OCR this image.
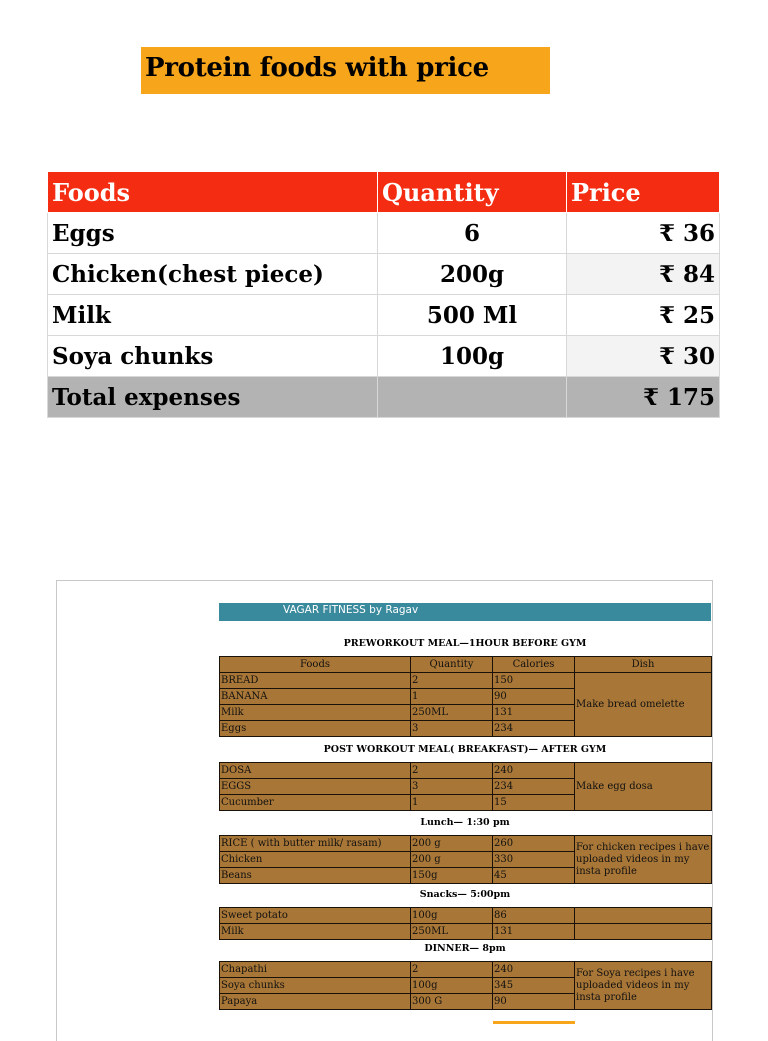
Protein foods with price
Foods	Quantity	Price
Eggs	6	₹ 36
Chicken(chest piece)	200g	₹ 84
Milk	500 Ml	₹ 25
Soya chunks	100g	₹ 30
Total expenses		₹ 175
VAGAR FITNESS by Ragav
PREWORKOUT MEAL—1HOUR BEFORE GYM
Foods	Quantity	Calories	Dish
BREAD	2	150	Make bread omelette
BANANA	1	90	
Milk	250ML	131	
Eggs	3	234	
POST WORKOUT MEAL( BREAKFAST)— AFTER GYM
DOSA	2	240	Make egg dosa
EGGS	3	234	
Cucumber	1	15	
Lunch— 1:30 pm
RICE ( with butter milk/ rasam)	200 g	260	For chicken recipes i have uploaded videos in my insta profile
Chicken	200 g	330	
Beans	150g	45	
Snacks— 5:00pm
Sweet potato	100g	86	
Milk	250ML	131	
DINNER— 8pm
Chapathi	2	240	For Soya recipes i have uploaded videos in my insta profile
Soya chunks	100g	345	
Papaya	300 G	90	
